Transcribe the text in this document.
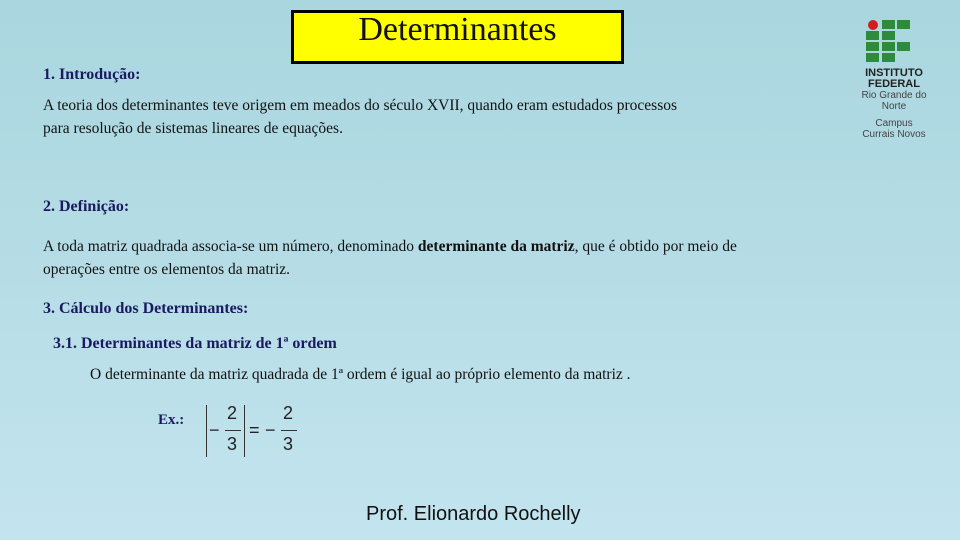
Determinantes
INSTITUTO
FEDERAL
Rio Grande do Norte
Campus
Currais Novos
1. Introdução:
A teoria dos determinantes teve origem em meados do século XVII, quando eram estudados processos
para resolução de sistemas lineares de equações.
2. Definição:
A toda matriz quadrada associa-se um número, denominado determinante da matriz, que é obtido por meio de
operações entre os elementos da matriz.
3. Cálculo dos Determinantes:
3.1. Determinantes da matriz de 1ª ordem
O determinante da matriz quadrada de 1ª ordem é igual ao próprio elemento da matriz .
Ex.: −
2
3
= −
2
3
Prof. Elionardo Rochelly
